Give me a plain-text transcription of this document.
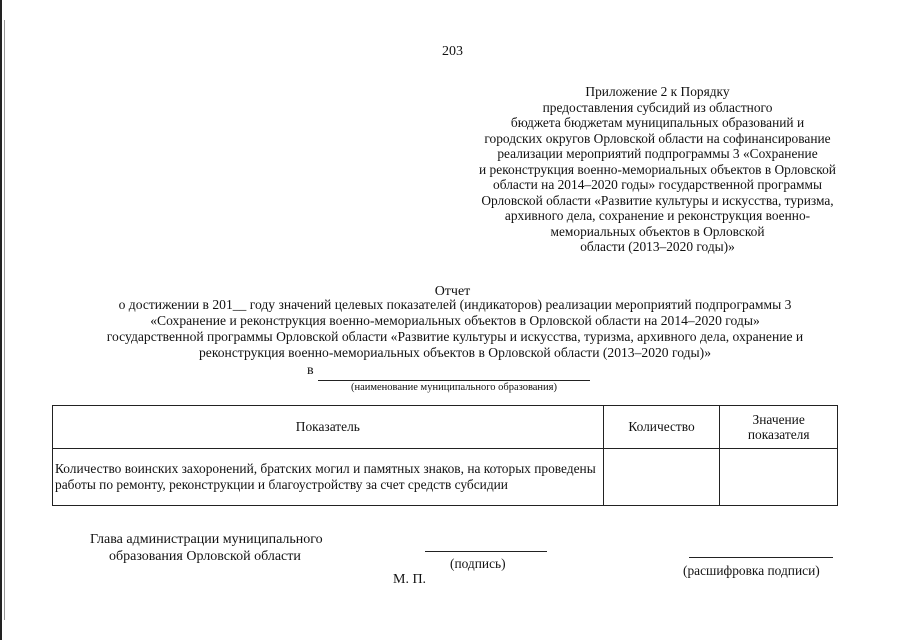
203
Приложение 2 к Порядку
предоставления субсидий из областного
бюджета бюджетам муниципальных образований и
городских округов Орловской области на софинансирование
реализации мероприятий подпрограммы 3 «Сохранение
и реконструкция военно-мемориальных объектов в Орловской
области на 2014–2020 годы» государственной программы
Орловской области «Развитие культуры и искусства, туризма,
архивного дела, сохранение и реконструкция военно-
мемориальных объектов в Орловской
области (2013–2020 годы)»
Отчет
о достижении в 201__ году значений целевых показателей (индикаторов) реализации мероприятий подпрограммы 3
«Сохранение и реконструкция военно-мемориальных объектов в Орловской области на 2014–2020 годы»
государственной программы Орловской области «Развитие культуры и искусства, туризма, архивного дела, охранение и
реконструкция военно-мемориальных объектов в Орловской области (2013–2020 годы)»
в
(наименование муниципального образования)
Показатель	Количество	Значение показателя
Количество воинских захоронений, братских могил и памятных знаков, на которых проведены работы по ремонту, реконструкции и благоустройству за счет средств субсидии		
Глава администрации муниципального
образования Орловской области	(подпись)	(расшифровка подписи)
М. П.
